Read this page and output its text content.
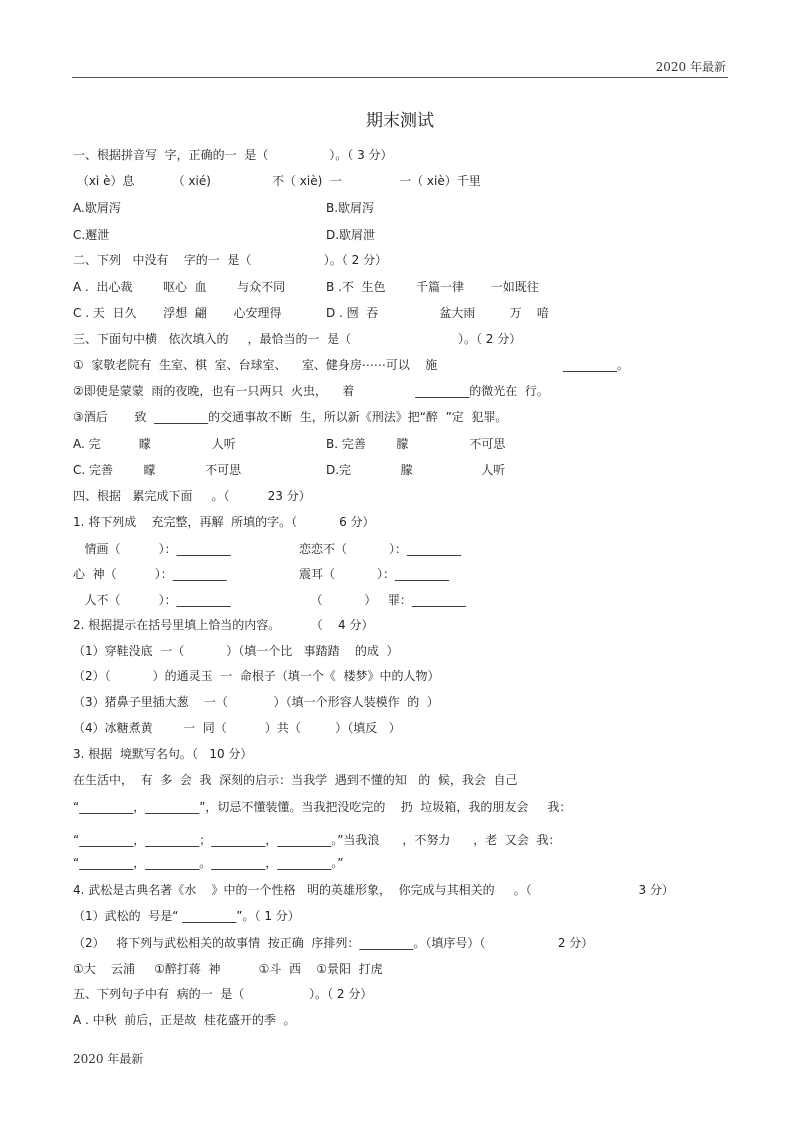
2020 年最新
期末测试
一、根据拼音写  字，正确的一  是（                ）。（ 3 分）
（xi è）息          （ xié)                不（ xiè)  一               一（ xiè）千里
A.歇屑泻	B.歇屑泻
C.邂泄	D.歇屑泄
二、下列   中没有    字的一  是（                   ）。（ 2 分）
A .  出心裁        呕心  血        与众不同	B .不  生色        千篇一律       一如既往
C . 天  日久       浮想  翩       心安理得	D . 囫  吞                盆大雨         万    喑
三、下面句中横   依次填入的     ，最恰当的一  是（                            ）。（ 2 分）
①  家敬老院有  生室、棋  室、台球室、    室、健身房⋯⋯可以    施                                 _________。
②即使是蒙蒙  雨的夜晚，也有一只两只  火虫，    着                _________的微光在  行。
③酒后       致  _________的交通事故不断  生，所以新《刑法》把“醉  ”定  犯罪。
A. 完          矇                人听	B. 完善        朦                不可思
C. 完善        矇             不可思	D.完             朦                  人听
四、根据   累完成下面     。（          23 分）
1. 将下列成    充完整，再解  所填的字。（           6 分）
情画（          ）：_________	恋恋不（           ）：_________
心  神（          ）：_________	震耳（           ）：_________
人不（          ）：_________	（           ）   罪：_________
2. 根据提示在括号里填上恰当的内容。        （    4 分）
（1）穿鞋没底  一（           ）（填一个比   事踏踏    的成  ）
（2）（           ）的通灵玉  一  命根子（填一个《  楼梦》中的人物）
（3）猪鼻子里插大葱    一（            ）（填一个形容人装模作  的  ）
（4）冰糖煮黄        一  同（          ）共（         ）（填反   ）
3. 根据  境默写名句。（   10 分）
在生活中，  有  多  会  我  深刻的启示：当我学  遇到不懂的知   的  候，我会  自己
“_________，_________”，切忌不懂装懂。当我把没吃完的    扔  垃圾箱，我的朋友会     我：
“_________，_________；_________，_________。”当我浪      ，不努力      ，老  又会  我：
“_________，_________。_________，_________。”
4. 武松是古典名著《水    》中的一个性格   明的英雄形象，  你完成与其相关的     。（                            3 分）
（1）武松的  号是“ _________”。（ 1 分）
（2）   将下列与武松相关的故事情  按正确  序排列：_________。（填序号）（                   2 分）
①大    云浦     ①醉打蒋  神          ①斗  西    ①景阳  打虎
五、下列句子中有  病的一  是（                 ）。（ 2 分）
A . 中秋  前后，正是故  桂花盛开的季  。
2020 年最新
